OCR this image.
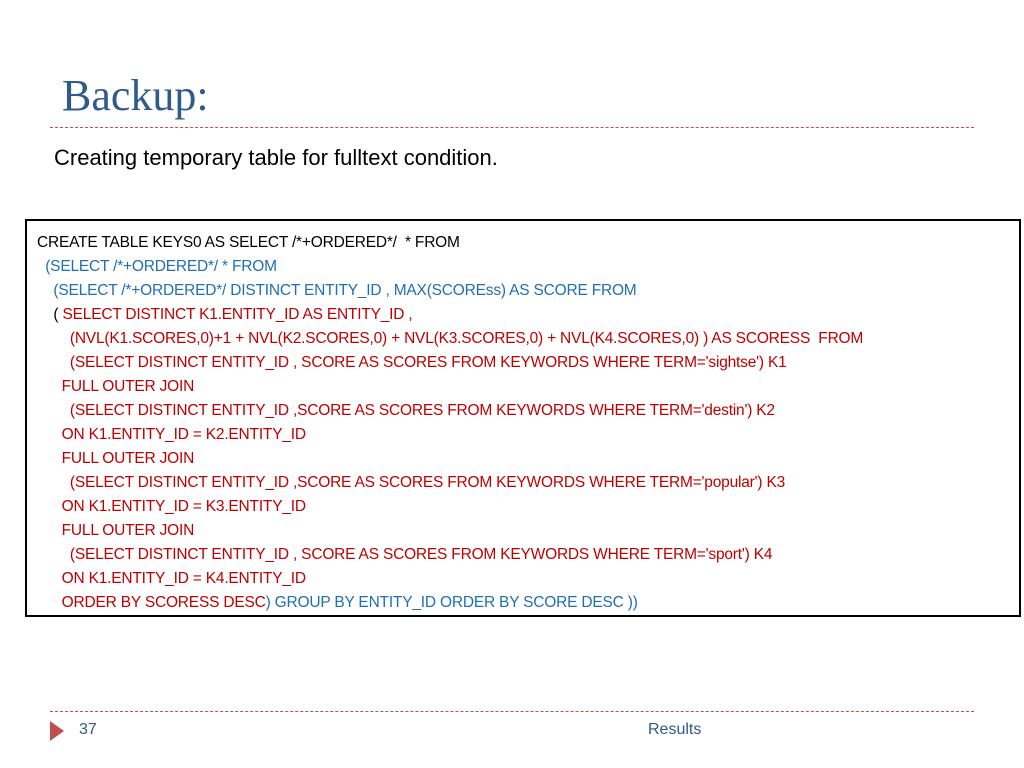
Backup:

Creating temporary table for fulltext condition.

CREATE TABLE KEYS0 AS SELECT /*+ORDERED*/  * FROM
(SELECT /*+ORDERED*/ * FROM
(SELECT /*+ORDERED*/ DISTINCT ENTITY_ID , MAX(SCOREss) AS SCORE FROM
( SELECT DISTINCT K1.ENTITY_ID AS ENTITY_ID ,
(NVL(K1.SCORES,0)+1 + NVL(K2.SCORES,0) + NVL(K3.SCORES,0) + NVL(K4.SCORES,0) ) AS SCORESS  FROM
(SELECT DISTINCT ENTITY_ID , SCORE AS SCORES FROM KEYWORDS WHERE TERM='sightse') K1
FULL OUTER JOIN
(SELECT DISTINCT ENTITY_ID ,SCORE AS SCORES FROM KEYWORDS WHERE TERM='destin') K2
ON K1.ENTITY_ID = K2.ENTITY_ID
FULL OUTER JOIN
(SELECT DISTINCT ENTITY_ID ,SCORE AS SCORES FROM KEYWORDS WHERE TERM='popular') K3
ON K1.ENTITY_ID = K3.ENTITY_ID
FULL OUTER JOIN
(SELECT DISTINCT ENTITY_ID , SCORE AS SCORES FROM KEYWORDS WHERE TERM='sport') K4
ON K1.ENTITY_ID = K4.ENTITY_ID
ORDER BY SCORESS DESC) GROUP BY ENTITY_ID ORDER BY SCORE DESC ))
37	Results
